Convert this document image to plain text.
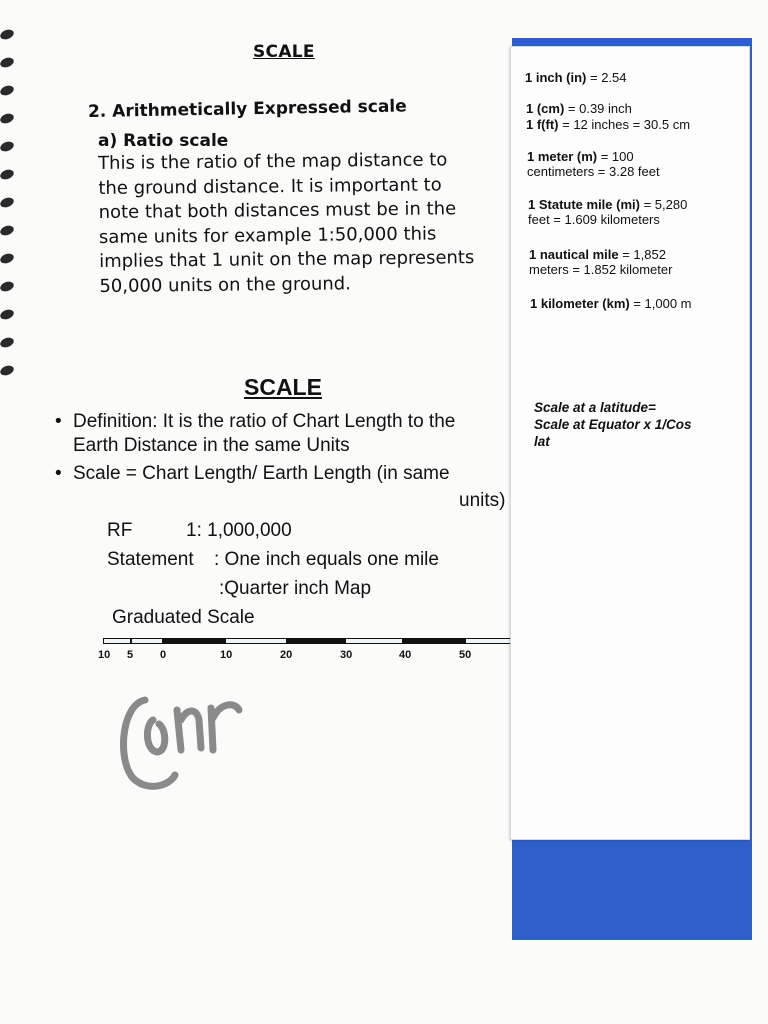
SCALE
2. Arithmetically Expressed scale
a) Ratio scale
This is the ratio of the map distance to
the ground distance. It is important to
note that both distances must be in the
same units for example 1:50,000 this
implies that 1 unit on the map represents
50,000 units on the ground.
SCALE
• Definition: It is the ratio of Chart Length to the
Earth Distance in the same Units
• Scale = Chart Length/ Earth Length (in same
units)
RF	1: 1,000,000
Statement : One inch equals one mile
:Quarter inch Map
Graduated Scale
10 5 0	10	20	30	40	50
1 inch (in) = 2.54
1 (cm) = 0.39 inch
1 f(ft) = 12 inches = 30.5 cm
1 meter (m) = 100
centimeters = 3.28 feet
1 Statute mile (mi) = 5,280
feet = 1.609 kilometers
1 nautical mile = 1,852
meters = 1.852 kilometer
1 kilometer (km) = 1,000 m
Scale at a latitude=
Scale at Equator x 1/Cos
lat
